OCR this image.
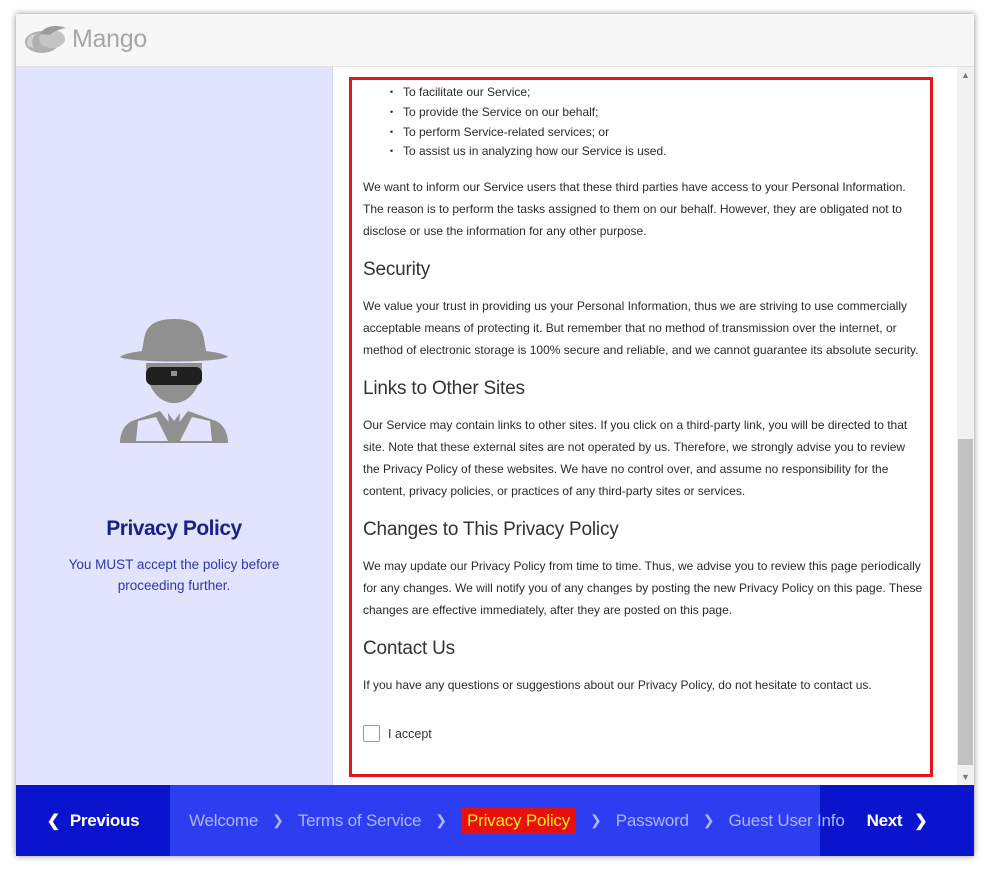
Mango
Privacy Policy
You MUST accept the policy before proceeding further.
• To facilitate our Service;
• To provide the Service on our behalf;
• To perform Service-related services; or
• To assist us in analyzing how our Service is used.

We want to inform our Service users that these third parties have access to your Personal Information. The reason is to perform the tasks assigned to them on our behalf. However, they are obligated not to disclose or use the information for any other purpose.

Security

We value your trust in providing us your Personal Information, thus we are striving to use commercially acceptable means of protecting it. But remember that no method of transmission over the internet, or method of electronic storage is 100% secure and reliable, and we cannot guarantee its absolute security.

Links to Other Sites

Our Service may contain links to other sites. If you click on a third-party link, you will be directed to that site. Note that these external sites are not operated by us. Therefore, we strongly advise you to review the Privacy Policy of these websites. We have no control over, and assume no responsibility for the content, privacy policies, or practices of any third-party sites or services.

Changes to This Privacy Policy

We may update our Privacy Policy from time to time. Thus, we advise you to review this page periodically for any changes. We will notify you of any changes by posting the new Privacy Policy on this page. These changes are effective immediately, after they are posted on this page.

Contact Us

If you have any questions or suggestions about our Privacy Policy, do not hesitate to contact us.

I accept
▲
▼
❮ Previous	Welcome ❯ Terms of Service ❯	Privacy Policy	❯ Password ❯ Guest User Info Next ❯
